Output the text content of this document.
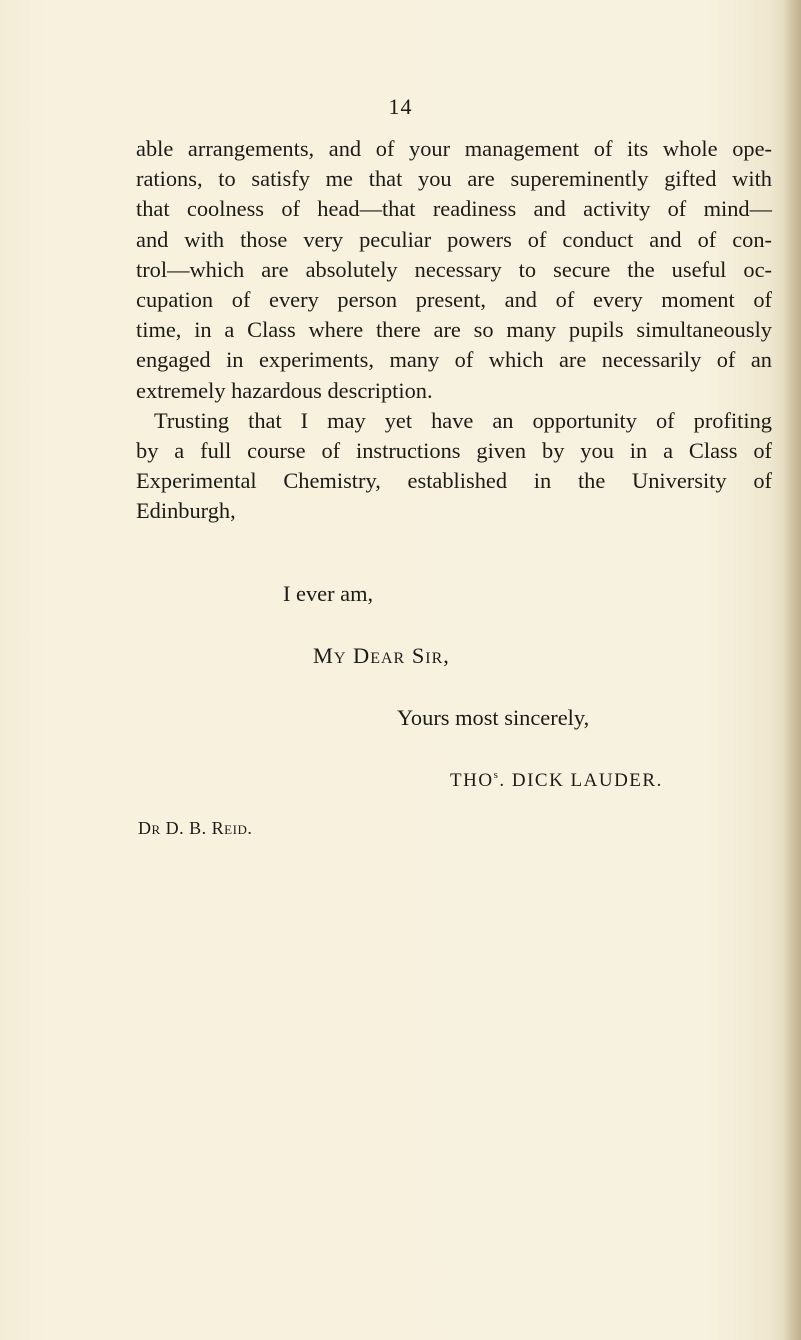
14

able arrangements, and of your management of its whole ope-
rations, to satisfy me that you are supereminently gifted with
that coolness of head—that readiness and activity of mind—
and with those very peculiar powers of conduct and of con-
trol—which are absolutely necessary to secure the useful oc-
cupation of every person present, and of every moment of
time, in a Class where there are so many pupils simultaneously
engaged in experiments, many of which are necessarily of an
extremely hazardous description.

Trusting that I may yet have an opportunity of profiting
by a full course of instructions given by you in a Class of
Experimental Chemistry, established in the University of
Edinburgh,

I ever am,
My Dear Sir,
Yours most sincerely,
THO$^s$. DICK LAUDER.
Dr D. B. Reid.
